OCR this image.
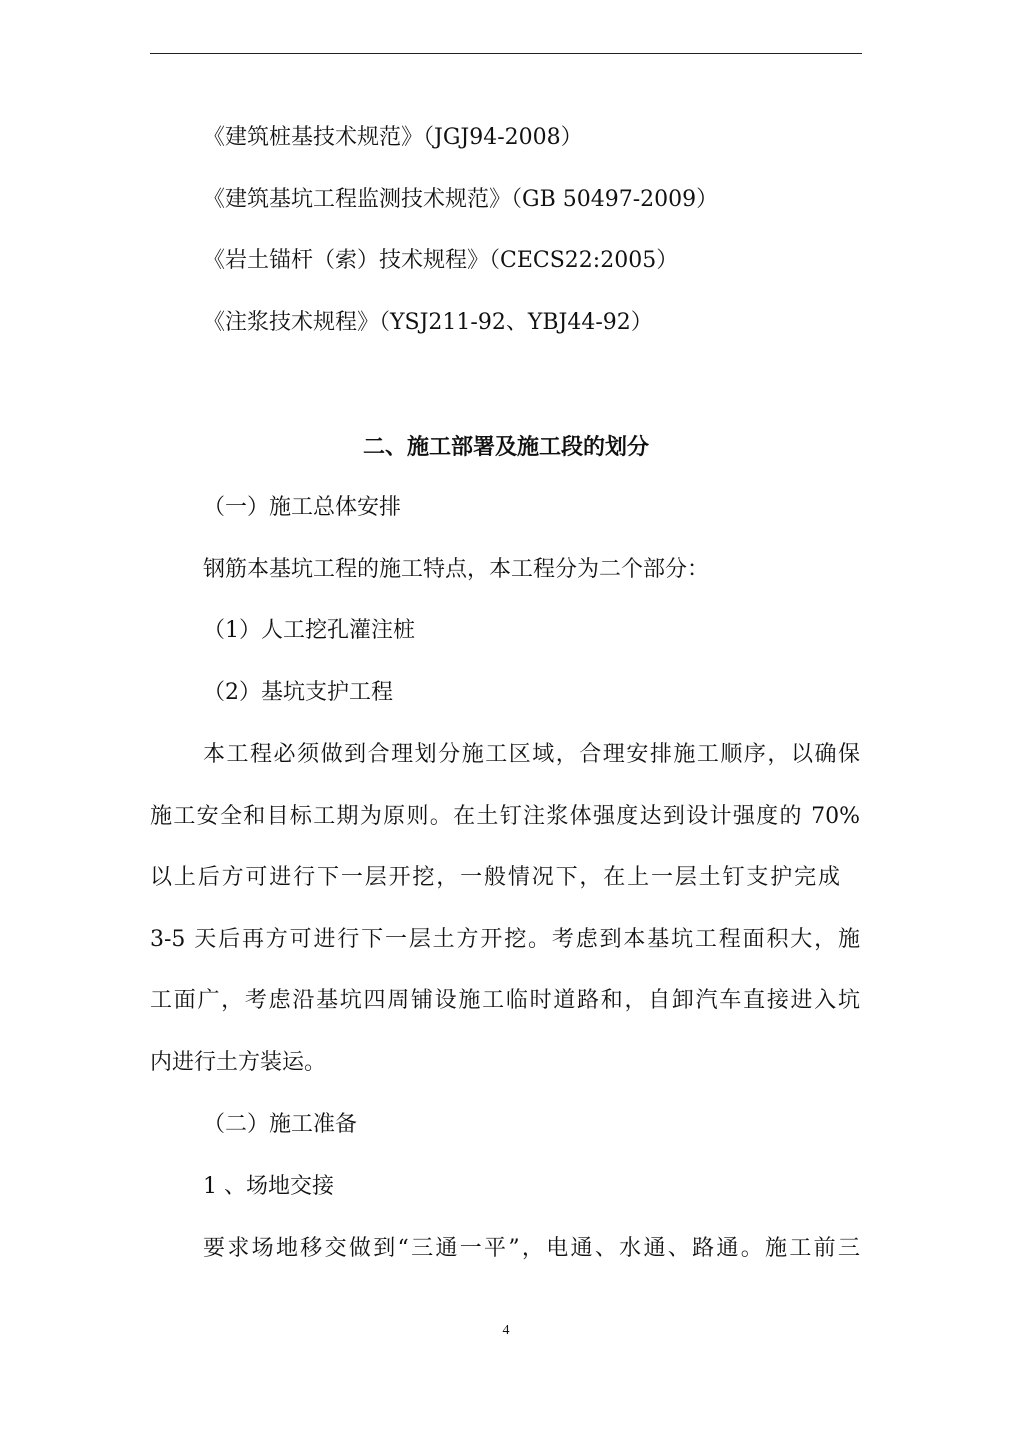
《建筑桩基技术规范》（JGJ94-2008）
《建筑基坑工程监测技术规范》（GB 50497-2009）
《岩土锚杆（索）技术规程》（CECS22:2005）
《注浆技术规程》（YSJ211-92、YBJ44-92）
二、施工部署及施工段的划分
（一）施工总体安排
钢筋本基坑工程的施工特点，本工程分为二个部分：
（1）人工挖孔灌注桩
（2）基坑支护工程
本工程必须做到合理划分施工区域，合理安排施工顺序，以确保
施工安全和目标工期为原则。在土钉注浆体强度达到设计强度的 70%
以上后方可进行下一层开挖，一般情况下，在上一层土钉支护完成
3-5 天后再方可进行下一层土方开挖。考虑到本基坑工程面积大，施
工面广，考虑沿基坑四周铺设施工临时道路和，自卸汽车直接进入坑
内进行土方装运。
（二）施工准备
1 、场地交接
要求场地移交做到“三通一平”，电通、水通、路通。施工前三
4
